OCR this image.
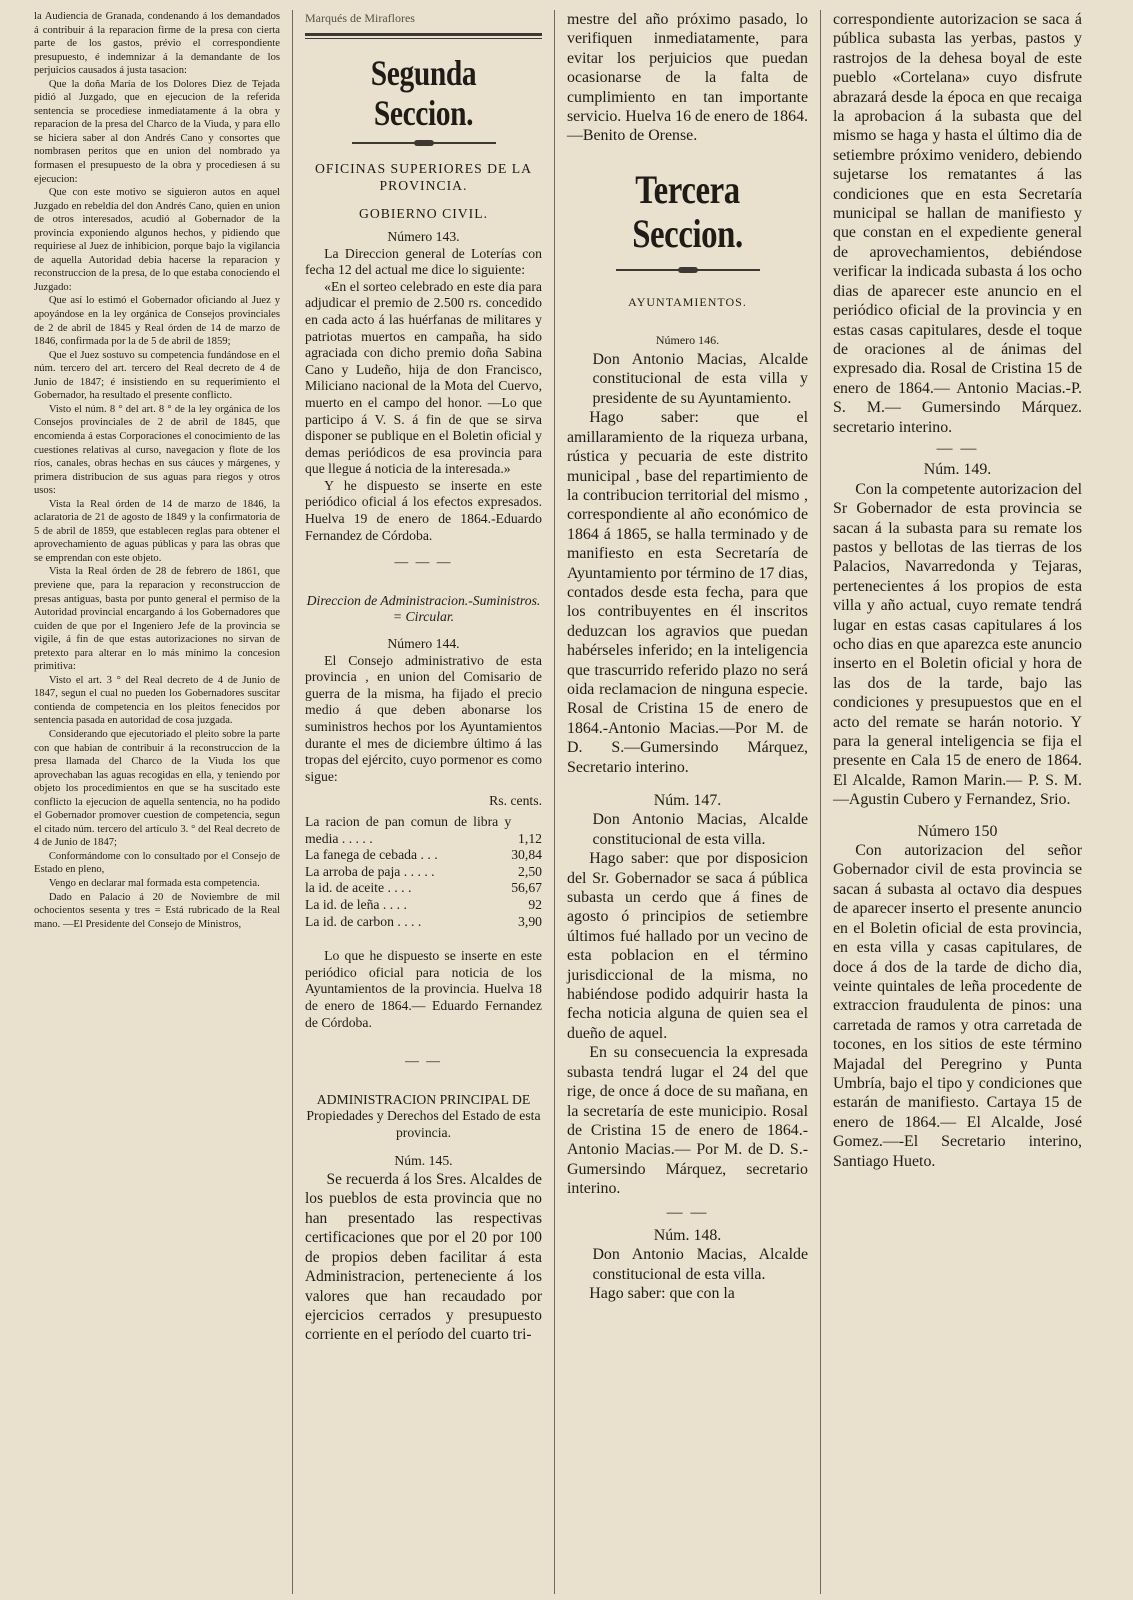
la Audiencia de Granada, condenando á los demandados á contribuir á la reparacion firme de la presa con cierta parte de los gastos, prévio el correspondiente presupuesto, é indemnizar á la demandante de los perjuicios causados á justa tasacion:

Que la doña María de los Dolores Diez de Tejada pidió al Juzgado, que en ejecucion de la referida sentencia se procediese inmediatamente á la obra y reparacion de la presa del Charco de la Viuda, y para ello se hiciera saber al don Andrés Cano y consortes que nombrasen peritos que en union del nombrado ya formasen el presupuesto de la obra y procediesen á su ejecucion:

Que con este motivo se siguieron autos en aquel Juzgado en rebeldía del don Andrés Cano, quien en union de otros interesados, acudió al Gobernador de la provincia exponiendo algunos hechos, y pidiendo que requiriese al Juez de inhibicion, porque bajo la vigilancia de aquella Autoridad debia hacerse la reparacion y reconstruccion de la presa, de lo que estaba conociendo el Juzgado:

Que así lo estimó el Gobernador oficiando al Juez y apoyándose en la ley orgánica de Consejos provinciales de 2 de abril de 1845 y Real órden de 14 de marzo de 1846, confirmada por la de 5 de abril de 1859;

Que el Juez sostuvo su competencia fundándose en el núm. tercero del art. tercero del Real decreto de 4 de Junio de 1847; é insistiendo en su requerimiento el Gobernador, ha resultado el presente conflicto.

Visto el núm. 8 ° del art. 8 ° de la ley orgánica de los Consejos provinciales de 2 de abril de 1845, que encomienda á estas Corporaciones el conocimiento de las cuestiones relativas al curso, navegacion y flote de los ríos, canales, obras hechas en sus cáuces y márgenes, y primera distribucion de sus aguas para riegos y otros usos:

Vista la Real órden de 14 de marzo de 1846, la aclaratoria de 21 de agosto de 1849 y la confirmatoria de 5 de abril de 1859, que establecen reglas para obtener el aprovechamiento de aguas públicas y para las obras que se emprendan con este objeto.

Vista la Real órden de 28 de febrero de 1861, que previene que, para la reparacion y reconstruccion de presas antiguas, basta por punto general el permiso de la Autoridad provincial encargando á los Gobernadores que cuiden de que por el Ingeniero Jefe de la provincia se vigile, á fin de que estas autorizaciones no sirvan de pretexto para alterar en lo más mínimo la concesion primitiva:

Visto el art. 3 ° del Real decreto de 4 de Junio de 1847, segun el cual no pueden los Gobernadores suscitar contienda de competencia en los pleitos fenecidos por sentencia pasada en autoridad de cosa juzgada.

Considerando que ejecutoriado el pleito sobre la parte con que habian de contribuir á la reconstruccion de la presa llamada del Charco de la Viuda los que aprovechaban las aguas recogidas en ella, y teniendo por objeto los procedimientos en que se ha suscitado este conflicto la ejecucion de aquella sentencia, no ha podido el Gobernador promover cuestion de competencia, segun el citado núm. tercero del artículo 3. ° del Real decreto de 4 de Junio de 1847;

Conformándome con lo consultado por el Consejo de Estado en pleno,

Vengo en declarar mal formada esta competencia.

Dado en Palacio á 20 de Noviembre de mil ochocientos sesenta y tres = Está rubricado de la Real mano. —El Presidente del Consejo de Ministros,

Marqués de Miraflores
Segunda Seccion.
OFICINAS SUPERIORES DE LA PROVINCIA.
GOBIERNO CIVIL.
Número 143.

La Direccion general de Loterías con fecha 12 del actual me dice lo siguiente:

«En el sorteo celebrado en este dia para adjudicar el premio de 2.500 rs. concedido en cada acto á las huérfanas de militares y patriotas muertos en campaña, ha sido agraciada con dicho premio doña Sabina Cano y Ludeño, hija de don Francisco, Miliciano nacional de la Mota del Cuervo, muerto en el campo del honor. —Lo que participo á V. S. á fin de que se sirva disponer se publique en el Boletin oficial y demas periódicos de esa provincia para que llegue á noticia de la interesada.»

Y he dispuesto se inserte en este periódico oficial á los efectos expresados. Huelva 19 de enero de 1864.-Eduardo Fernandez de Córdoba.

— — —
Direccion de Administracion.-Suministros. = Circular.
Número 144.

El Consejo administrativo de esta provincia , en union del Comisario de guerra de la misma, ha fijado el precio medio á que deben abonarse los suministros hechos por los Ayuntamientos durante el mes de diciembre último á las tropas del ejército, cuyo pormenor es como sigue:

Rs. cents.
La racion de pan comun de libra y media . . . . .	1,12
La fanega de cebada . . .	30,84
La arroba de paja . . . . .	2,50
la id. de aceite . . . .	56,67
La id. de leña . . . .	92
La id. de carbon . . . .	3,90

Lo que he dispuesto se inserte en este periódico oficial para noticia de los Ayuntamientos de la provincia. Huelva 18 de enero de 1864.— Eduardo Fernandez de Córdoba.

— —
ADMINISTRACION PRINCIPAL DE
Propiedades y Derechos del Estado de esta provincia.
Núm. 145.

Se recuerda á los Sres. Alcaldes de los pueblos de esta provincia que no han presentado las respectivas certificaciones que por el 20 por 100 de propios deben facilitar á esta Administracion, perteneciente á los valores que han recaudado por ejercicios cerrados y presupuesto corriente en el período del cuarto tri-

mestre del año próximo pasado, lo verifiquen inmediatamente, para evitar los perjuicios que puedan ocasionarse de la falta de cumplimiento en tan importante servicio. Huelva 16 de enero de 1864. —Benito de Orense.

Tercera Seccion.
AYUNTAMIENTOS.
Número 146.

Don Antonio Macias, Alcalde constitucional de esta villa y presidente de su Ayuntamiento.

Hago saber: que el amillaramiento de la riqueza urbana, rústica y pecuaria de este distrito municipal , base del repartimiento de la contribucion territorial del mismo , correspondiente al año económico de 1864 á 1865, se halla terminado y de manifiesto en esta Secretaría de Ayuntamiento por término de 17 dias, contados desde esta fecha, para que los contribuyentes en él inscritos deduzcan los agravios que puedan habérseles inferido; en la inteligencia que trascurrido referido plazo no será oida reclamacion de ninguna especie. Rosal de Cristina 15 de enero de 1864.-Antonio Macias.—Por M. de D. S.—Gumersindo Márquez, Secretario interino.

Núm. 147.

Don Antonio Macias, Alcalde constitucional de esta villa.

Hago saber: que por disposicion del Sr. Gobernador se saca á pública subasta un cerdo que á fines de agosto ó principios de setiembre últimos fué hallado por un vecino de esta poblacion en el término jurisdiccional de la misma, no habiéndose podido adquirir hasta la fecha noticia alguna de quien sea el dueño de aquel.

En su consecuencia la expresada subasta tendrá lugar el 24 del que rige, de once á doce de su mañana, en la secretaría de este municipio. Rosal de Cristina 15 de enero de 1864.-Antonio Macias.— Por M. de D. S.-Gumersindo Márquez, secretario interino.

— —
Núm. 148.

Don Antonio Macias, Alcalde constitucional de esta villa.

Hago saber: que con la

correspondiente autorizacion se saca á pública subasta las yerbas, pastos y rastrojos de la dehesa boyal de este pueblo «Cortelana» cuyo disfrute abrazará desde la época en que recaiga la aprobacion á la subasta que del mismo se haga y hasta el último dia de setiembre próximo venidero, debiendo sujetarse los rematantes á las condiciones que en esta Secretaría municipal se hallan de manifiesto y que constan en el expediente general de aprovechamientos, debiéndose verificar la indicada subasta á los ocho dias de aparecer este anuncio en el periódico oficial de la provincia y en estas casas capitulares, desde el toque de oraciones al de ánimas del expresado dia. Rosal de Cristina 15 de enero de 1864.— Antonio Macias.-P. S. M.— Gumersindo Márquez. secretario interino.

— —
Núm. 149.

Con la competente autorizacion del Sr Gobernador de esta provincia se sacan á la subasta para su remate los pastos y bellotas de las tierras de los Palacios, Navarredonda y Tejaras, pertenecientes á los propios de esta villa y año actual, cuyo remate tendrá lugar en estas casas capitulares á los ocho dias en que aparezca este anuncio inserto en el Boletin oficial y hora de las dos de la tarde, bajo las condiciones y presupuestos que en el acto del remate se harán notorio. Y para la general inteligencia se fija el presente en Cala 15 de enero de 1864. El Alcalde, Ramon Marin.— P. S. M.—Agustin Cubero y Fernandez, Srio.

Número 150

Con autorizacion del señor Gobernador civil de esta provincia se sacan á subasta al octavo dia despues de aparecer inserto el presente anuncio en el Boletin oficial de esta provincia, en esta villa y casas capitulares, de doce á dos de la tarde de dicho dia, veinte quintales de leña procedente de extraccion fraudulenta de pinos: una carretada de ramos y otra carretada de tocones, en los sitios de este término Majadal del Peregrino y Punta Umbría, bajo el tipo y condiciones que estarán de manifiesto. Cartaya 15 de enero de 1864.— El Alcalde, José Gomez.—-El Secretario interino, Santiago Hueto.
